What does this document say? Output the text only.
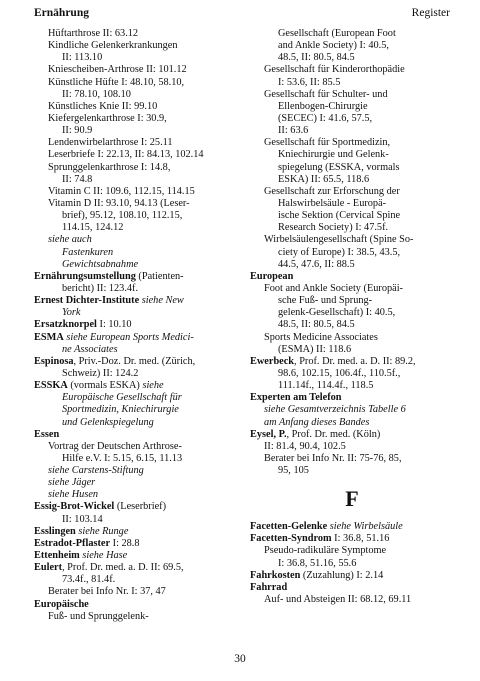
Ernährung	Register
Hüftarthrose II: 63.12
Kindliche Gelenkerkrankungen
II: 113.10
Kniescheiben-Arthrose II: 101.12
Künstliche Hüfte I: 48.10, 58.10,
II: 78.10, 108.10
Künstliches Knie II: 99.10
Kiefergelenkarthrose I: 30.9,
II: 90.9
Lendenwirbelarthrose I: 25.11
Leserbriefe I: 22.13, II: 84.13, 102.14
Sprunggelenkarthrose I: 14.8,
II: 74.8
Vitamin C II: 109.6, 112.15, 114.15
Vitamin D II: 93.10, 94.13 (Leser-
brief), 95.12, 108.10, 112.15,
114.15, 124.12
siehe auch
Fastenkuren
Gewichtsabnahme
Ernährungsumstellung (Patienten-
bericht) II: 123.4f.
Ernest Dichter-Institute siehe New
York
Ersatzknorpel I: 10.10
ESMA siehe European Sports Medici-
ne Associates
Espinosa, Priv.-Doz. Dr. med. (Zürich,
Schweiz) II: 124.2
ESSKA (vormals ESKA) siehe
Europäische Gesellschaft für
Sportmedizin, Kniechirurgie
und Gelenkspiegelung
Essen
Vortrag der Deutschen Arthrose-
Hilfe e.V. I: 5.15, 6.15, 11.13
siehe Carstens-Stiftung
siehe Jäger
siehe Husen
Essig-Brot-Wickel (Leserbrief)
II: 103.14
Esslingen siehe Runge
Estradot-Pflaster I: 28.8
Ettenheim siehe Hase
Eulert, Prof. Dr. med. a. D. II: 69.5,
73.4f., 81.4f.
Berater bei Info Nr. I: 37, 47
Europäische
Fuß- und Sprunggelenk-
Gesellschaft (European Foot
and Ankle Society) I: 40.5,
48.5, II: 80.5, 84.5
Gesellschaft für Kinderorthopädie
I: 53.6, II: 85.5
Gesellschaft für Schulter- und
Ellenbogen-Chirurgie
(SECEC) I: 41.6, 57.5,
II: 63.6
Gesellschaft für Sportmedizin,
Kniechirurgie und Gelenk-
spiegelung (ESSKA, vormals
ESKA) II: 65.5, 118.6
Gesellschaft zur Erforschung der
Halswirbelsäule - Europä-
ische Sektion (Cervical Spine
Research Society) I: 47.5f.
Wirbelsäulengesellschaft (Spine So-
ciety of Europe) I: 38.5, 43.5,
44.5, 47.6, II: 88.5
European
Foot and Ankle Society (Europäi-
sche Fuß- und Sprung-
gelenk-Gesellschaft) I: 40.5,
48.5, II: 80.5, 84.5
Sports Medicine Associates
(ESMA) II: 118.6
Ewerbeck, Prof. Dr. med. a. D. II: 89.2,
98.6, 102.15, 106.4f., 110.5f.,
111.14f., 114.4f., 118.5
Experten am Telefon
siehe Gesamtverzeichnis Tabelle 6
am Anfang dieses Bandes
Eysel, P., Prof. Dr. med. (Köln)
II: 81.4, 90.4, 102.5
Berater bei Info Nr. II: 75-76, 85,
95, 105
F
Facetten-Gelenke siehe Wirbelsäule
Facetten-Syndrom I: 36.8, 51.16
Pseudo-radikuläre Symptome
I: 36.8, 51.16, 55.6
Fahrkosten (Zuzahlung) I: 2.14
Fahrrad
Auf- und Absteigen II: 68.12, 69.11
30
